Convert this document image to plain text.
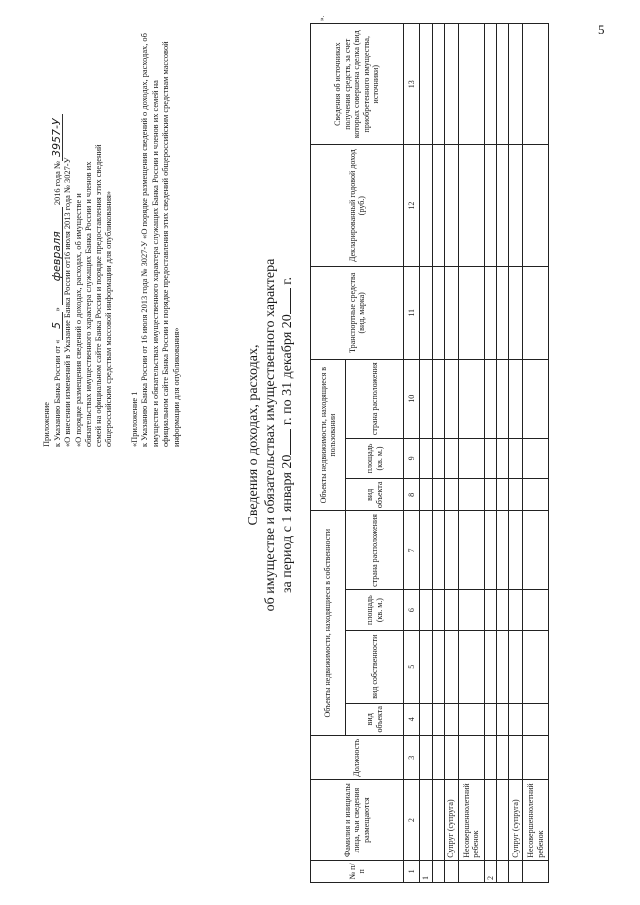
5
Приложение к Указанию Банка России от «5» февраля 2016 года №3957-У
«О внесении изменений в Указание Банка России от16 июля 2013 года № 3027-У «О порядке размещения сведений о доходах, расходах, об имуществе и обязательствах имущественного характера служащих Банка России и членов их семей на официальном сайте Банка России и порядке предоставления этих сведений общероссийским средствам массовой информации для опубликования» «Приложение 1 к Указанию Банка России от 16 июля 2013 года № 3027-У «О порядке размещения сведений о доходах, расходах, об имуществе и обязательствах имущественного характера служащих Банка России и членов их семей на официальном сайте Банка России и порядке предоставления этих сведений общероссийским средствам массовой информации для опубликования»	Сведения о доходах, расходах, об имуществе и обязательствах имущественного характера за период с 1 января 20 г. по 31 декабря 20 г.
№ п/п	Фамилия и инициалы лица, чьи сведения размещаются	Должность	Объекты недвижимости, находящиеся в собственности				Объекты недвижимости, находящиеся в пользовании			Транспортные средства (вид, марка)	Декларированный годовой доход (руб.)	Сведения об источниках получения средств, за счет которых совершена сделка (вид приобретенного имущества, источники)
			вид объекта	вид собственности	площадь (кв. м.)	страна расположения	вид объекта	площадь (кв. м.)	страна расположения			
1	2	3	4	5	6	7	8	9	10	11	12	13
1												

	Супруг (супруга)											
	Несовершеннолетний ребенок											
2												

	Супруг (супруга)											
	Несовершеннолетний ребенок											
».
